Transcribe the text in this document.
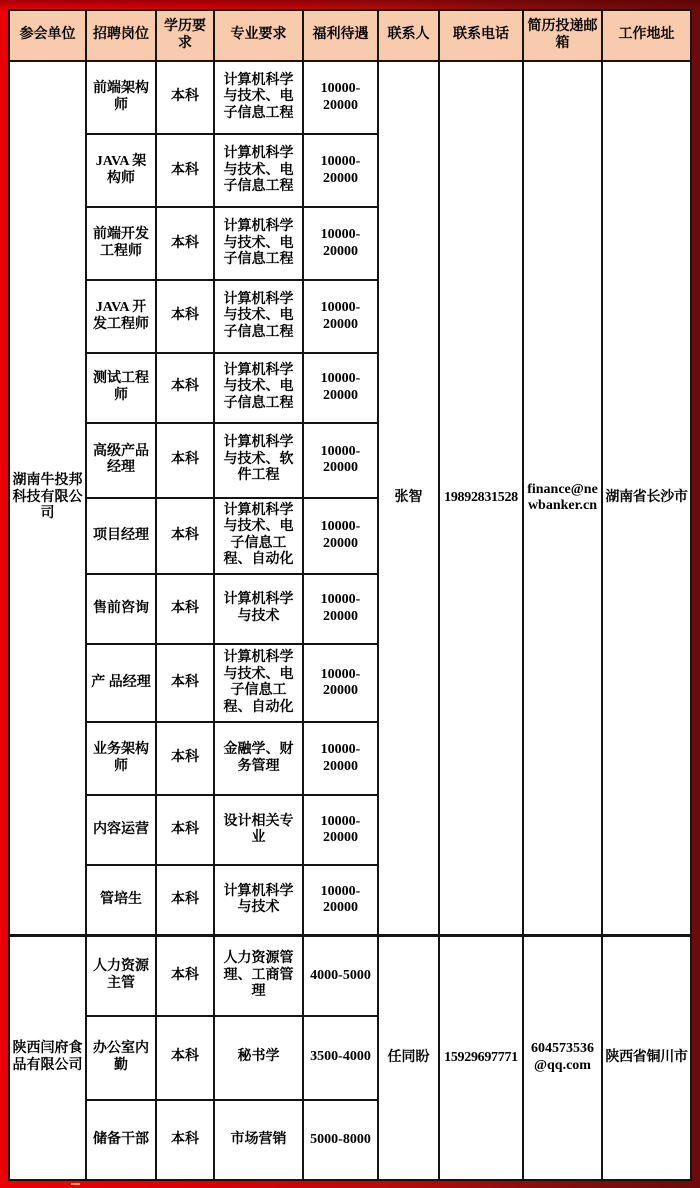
参会单位	招聘岗位	学历要求	专业要求	福利待遇	联系人	联系电话	简历投递邮箱	工作地址
湖南牛投邦科技有限公司	前端架构师	本科	计算机科学与技术、电子信息工程	10000-20000	张智	19892831528	finance@newbanker.cn	湖南省长沙市
	JAVA 架构师	本科	计算机科学与技术、电子信息工程	10000-20000				
	前端开发工程师	本科	计算机科学与技术、电子信息工程	10000-20000				
	JAVA 开发工程师	本科	计算机科学与技术、电子信息工程	10000-20000				
	测试工程师	本科	计算机科学与技术、电子信息工程	10000-20000				
	高级产品经理	本科	计算机科学与技术、软件工程	10000-20000				
	项目经理	本科	计算机科学与技术、电子信息工程、自动化	10000-20000				
	售前咨询	本科	计算机科学与技术	10000-20000				
	产 品经理	本科	计算机科学与技术、电子信息工程、自动化	10000-20000				
	业务架构师	本科	金融学、财务管理	10000-20000				
	内容运营	本科	设计相关专业	10000-20000				
	管培生	本科	计算机科学与技术	10000-20000				
陕西闫府食品有限公司	人力资源主管	本科	人力资源管理、工商管理	4000-5000	任同盼	15929697771	604573536@qq.com	陕西省铜川市
	办公室内勤	本科	秘书学	3500-4000				
	储备干部	本科	市场营销	5000-8000				
